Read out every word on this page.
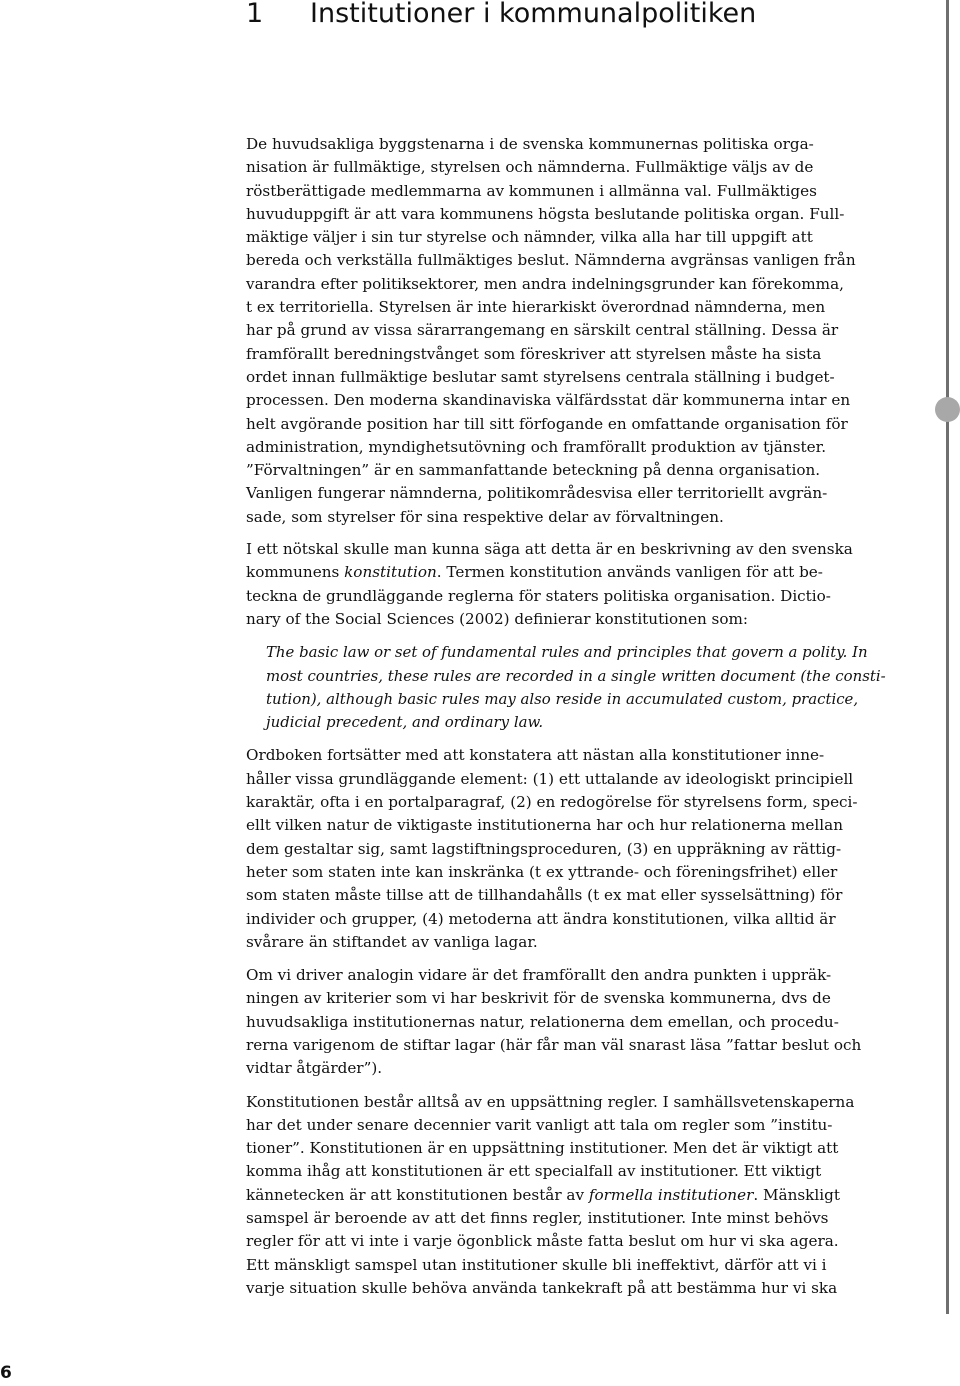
1 Institutioner i kommunalpolitiken

De huvudsakliga byggstenarna i de svenska kommunernas politiska orga-
nisation är fullmäktige, styrelsen och nämnderna. Fullmäktige väljs av de
röstberättigade medlemmarna av kommunen i allmänna val. Fullmäktiges
huvuduppgift är att vara kommunens högsta beslutande politiska organ. Full-
mäktige väljer i sin tur styrelse och nämnder, vilka alla har till uppgift att
bereda och verkställa fullmäktiges beslut. Nämnderna avgränsas vanligen från
varandra efter politiksektorer, men andra indelningsgrunder kan förekomma,
t ex territoriella. Styrelsen är inte hierarkiskt överordnad nämnderna, men
har på grund av vissa särarrangemang en särskilt central ställning. Dessa är
framförallt beredningstvånget som föreskriver att styrelsen måste ha sista
ordet innan fullmäktige beslutar samt styrelsens centrala ställning i budget-
processen. Den moderna skandinaviska välfärdsstat där kommunerna intar en
helt avgörande position har till sitt förfogande en omfattande organisation för
administration, myndighetsutövning och framförallt produktion av tjänster.
”Förvaltningen” är en sammanfattande beteckning på denna organisation.
Vanligen fungerar nämnderna, politikområdesvisa eller territoriellt avgrän-
sade, som styrelser för sina respektive delar av förvaltningen.

I ett nötskal skulle man kunna säga att detta är en beskrivning av den svenska
kommunens konstitution. Termen konstitution används vanligen för att be-
teckna de grundläggande reglerna för staters politiska organisation. Dictio-
nary of the Social Sciences (2002) definierar konstitutionen som:

The basic law or set of fundamental rules and principles that govern a polity. In
most countries, these rules are recorded in a single written document (the consti-
tution), although basic rules may also reside in accumulated custom, practice,
judicial precedent, and ordinary law.

Ordboken fortsätter med att konstatera att nästan alla konstitutioner inne-
håller vissa grundläggande element: (1) ett uttalande av ideologiskt principiell
karaktär, ofta i en portalparagraf, (2) en redogörelse för styrelsens form, speci-
ellt vilken natur de viktigaste institutionerna har och hur relationerna mellan
dem gestaltar sig, samt lagstiftningsproceduren, (3) en uppräkning av rättig-
heter som staten inte kan inskränka (t ex yttrande- och föreningsfrihet) eller
som staten måste tillse att de tillhandahålls (t ex mat eller sysselsättning) för
individer och grupper, (4) metoderna att ändra konstitutionen, vilka alltid är
svårare än stiftandet av vanliga lagar.

Om vi driver analogin vidare är det framförallt den andra punkten i uppräk-
ningen av kriterier som vi har beskrivit för de svenska kommunerna, dvs de
huvudsakliga institutionernas natur, relationerna dem emellan, och procedu-
rerna varigenom de stiftar lagar (här får man väl snarast läsa ”fattar beslut och
vidtar åtgärder”).

Konstitutionen består alltså av en uppsättning regler. I samhällsvetenskaperna
har det under senare decennier varit vanligt att tala om regler som ”institu-
tioner”. Konstitutionen är en uppsättning institutioner. Men det är viktigt att
komma ihåg att konstitutionen är ett specialfall av institutioner. Ett viktigt
kännetecken är att konstitutionen består av formella institutioner. Mänskligt
samspel är beroende av att det finns regler, institutioner. Inte minst behövs
regler för att vi inte i varje ögonblick måste fatta beslut om hur vi ska agera.
Ett mänskligt samspel utan institutioner skulle bli ineffektivt, därför att vi i
varje situation skulle behöva använda tankekraft på att bestämma hur vi ska

6
